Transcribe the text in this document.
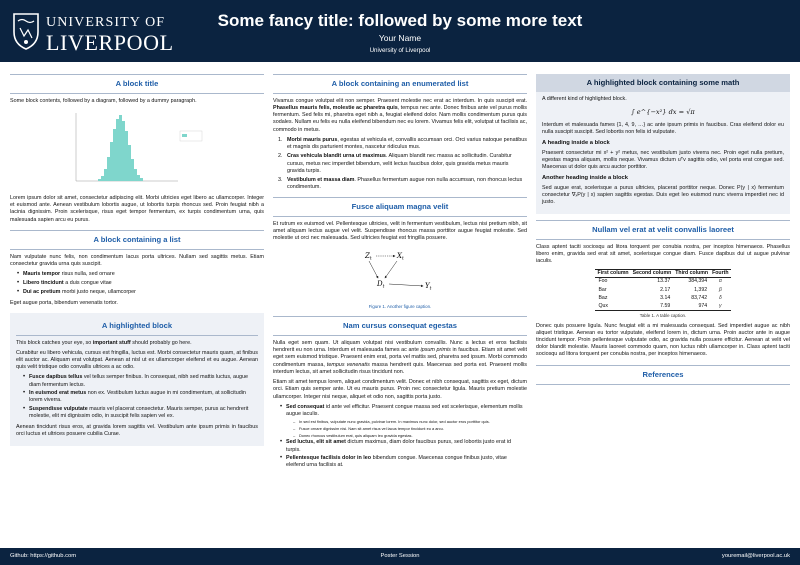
UNIVERSITY OF
LIVERPOOL
Some fancy title: followed by some more text
Your Name
University of Liverpool
A block title

Some block contents, followed by a diagram, followed by a dummy paragraph.

Lorem ipsum dolor sit amet, consectetur adipiscing elit. Morbi ultricies eget libero ac ullamcorper. Integer et euismod ante. Aenean vestibulum lobortis augue, ut lobortis turpis rhoncus sed. Proin feugiat nibh a lacinia dignissim. Proin scelerisque, risus eget tempor fermentum, ex turpis condimentum urna, quis malesuada sapien arcu eu purus.

A block containing a list

Nam vulputate nunc felis, non condimentum lacus porta ultrices. Nullam sed sagittis metus. Etiam consectetur gravida urna quis suscipit.

• Mauris tempor risus nulla, sed ornare
• Libero tincidunt a duis congue vitae
• Dui ac pretium morbi justo neque, ullamcorper

Eget augue porta, bibendum venenatis tortor.

A highlighted block

This block catches your eye, so important stuff should probably go here.

Curabitur eu libero vehicula, cursus est fringilla, luctus est. Morbi consectetur mauris quam, at finibus elit auctor ac. Aliquam erat volutpat. Aenean at nisl ut ex ullamcorper eleifend et eu augue. Aenean quis velit tristique odio convallis ultrices a ac odio.

• Fusce dapibus tellus vel tellus semper finibus. In consequat, nibh sed mattis luctus, augue diam fermentum lectus.
• In euismod erat metus non ex. Vestibulum luctus augue in mi condimentum, at sollicitudin lorem viverra.
• Suspendisse vulputate mauris vel placerat consectetur. Mauris semper, purus ac hendrerit molestie, elit mi dignissim odio, in suscipit felis sapien vel ex.

Aenean tincidunt risus eros, at gravida lorem sagittis vel. Vestibulum ante ipsum primis in faucibus orci luctus et ultrices posuere cubilia Curae.

A block containing an enumerated list

Vivamus congue volutpat elit non semper. Praesent molestie nec erat ac interdum. In quis suscipit erat. Phasellus mauris felis, molestie ac pharetra quis, tempus nec ante. Donec finibus ante vel purus mollis fermentum. Sed felis mi, pharetra eget nibh a, feugiat eleifend dolor. Nam mollis condimentum purus quis sodales. Nullam eu felis eu nulla eleifend bibendum nec eu lorem. Vivamus felis elit, volutpat ut facilisis ac, commodo in metus.

1. Morbi mauris purus, egestas at vehicula et, convallis accumsan orci. Orci varius natoque penatibus et magnis dis parturient montes, nascetur ridiculus mus.
2. Cras vehicula blandit urna ut maximus. Aliquam blandit nec massa ac sollicitudin. Curabitur cursus, metus nec imperdiet bibendum, velit lectus faucibus dolor, quis gravida metus mauris gravida turpis.
3. Vestibulum et massa diam. Phasellus fermentum augue non nulla accumsan, non rhoncus lectus condimentum.
Fusce aliquam magna velit

Et rutrum ex euismod vel. Pellentesque ultricies, velit in fermentum vestibulum, lectus nisi pretium nibh, sit amet aliquam lectus augue vel velit. Suspendisse rhoncus massa porttitor augue feugiat molestie. Sed molestie ut orci nec malesuada. Sed ultricies feugiat est fringilla posuere.

$Z_t$	$X_t$
$D_t$	$Y_t$
Figure 1. Another figure caption.
Nam cursus consequat egestas

Nulla eget sem quam. Ut aliquam volutpat nisi vestibulum convallis. Nunc a lectus et eros facilisis hendrerit eu non urna. Interdum et malesuada fames ac ante ipsum primis in faucibus. Etiam sit amet velit eget sem euismod tristique. Praesent enim erat, porta vel mattis sed, pharetra sed ipsum. Morbi commodo condimentum massa, tempus venenatis massa hendrerit quis. Maecenas sed porta est. Praesent mollis interdum lectus, sit amet sollicitudin risus tincidunt non.

Etiam sit amet tempus lorem, aliquet condimentum velit. Donec et nibh consequat, sagittis ex eget, dictum orci. Etiam quis semper ante. Ut eu mauris purus. Proin nec consectetur ligula. Mauris pretium molestie ullamcorper. Integer nisi neque, aliquet et odio non, sagittis porta justo.

• Sed consequat id ante vel efficitur. Praesent congue massa sed est scelerisque, elementum mollis augue iaculis.
– In sed est finibus, vulputate nunc gravida, pulvinar lorem. In maximus nunc dolor, sed auctor eros porttitor quis.
– Fusce ornare dignissim nisi. Nam sit amet risus vel lacus tempor tincidunt eu a arcu.
– Donec rhoncus vestibulum erat, quis aliquam leo gravida egestas.
• Sed luctus, elit sit amet dictum maximus, diam dolor faucibus purus, sed lobortis justo erat id turpis.
• Pellentesque facilisis dolor in leo bibendum congue. Maecenas congue finibus justo, vitae eleifend urna facilisis at.
A highlighted block containing some math

A different kind of highlighted block.

∫ e^{−x²} dx = √π

Interdum et malesuada fames {1, 4, 9, …} ac ante ipsum primis in faucibus. Cras eleifend dolor eu nulla suscipit suscipit. Sed lobortis non felis id vulputate.

A heading inside a block

Praesent consectetur mi x² + y² metus, nec vestibulum justo viverra nec. Proin eget nulla pretium, egestas magna aliquam, mollis neque. Vivamus dictum uᵀv sagittis odio, vel porta erat congue sed. Maecenas ut dolor quis arcu auctor porttitor.

Another heading inside a block

Sed augue erat, scelerisque a purus ultricies, placerat porttitor neque. Donec P(y | x) fermentum consectetur ∇ₓP(y | x) sapien sagittis egestas. Duis eget leo euismod nunc viverra imperdiet nec id justo.

Nullam vel erat at velit convallis laoreet

Class aptent taciti sociosqu ad litora torquent per conubia nostra, per inceptos himenaeos. Phasellus libero enim, gravida sed erat sit amet, scelerisque congue diam. Fusce dapibus dui ut augue pulvinar iaculis.

First column	Second column	Third column	Fourth
Foo	13.37	384,394	α
Bar	2.17	1,392	β
Baz	3.14	83,742	δ
Qux	7.59	974	γ
Table 1. A table caption.

Donec quis posuere ligula. Nunc feugiat elit a mi malesuada consequat. Sed imperdiet augue ac nibh aliquet tristique. Aenean eu tortor vulputate, eleifend lorem in, dictum urna. Proin auctor ante in augue tincidunt tempor. Proin pellentesque vulputate odio, ac gravida nulla posuere efficitur. Aenean at velit vel dolor blandit molestie. Mauris laoreet commodo quam, non luctus nibh ullamcorper in. Class aptent taciti sociosqu ad litora torquent per conubia nostra, per inceptos himenaeos.

References
Github: https://github.com	Poster Session	youremail@liverpool.ac.uk
